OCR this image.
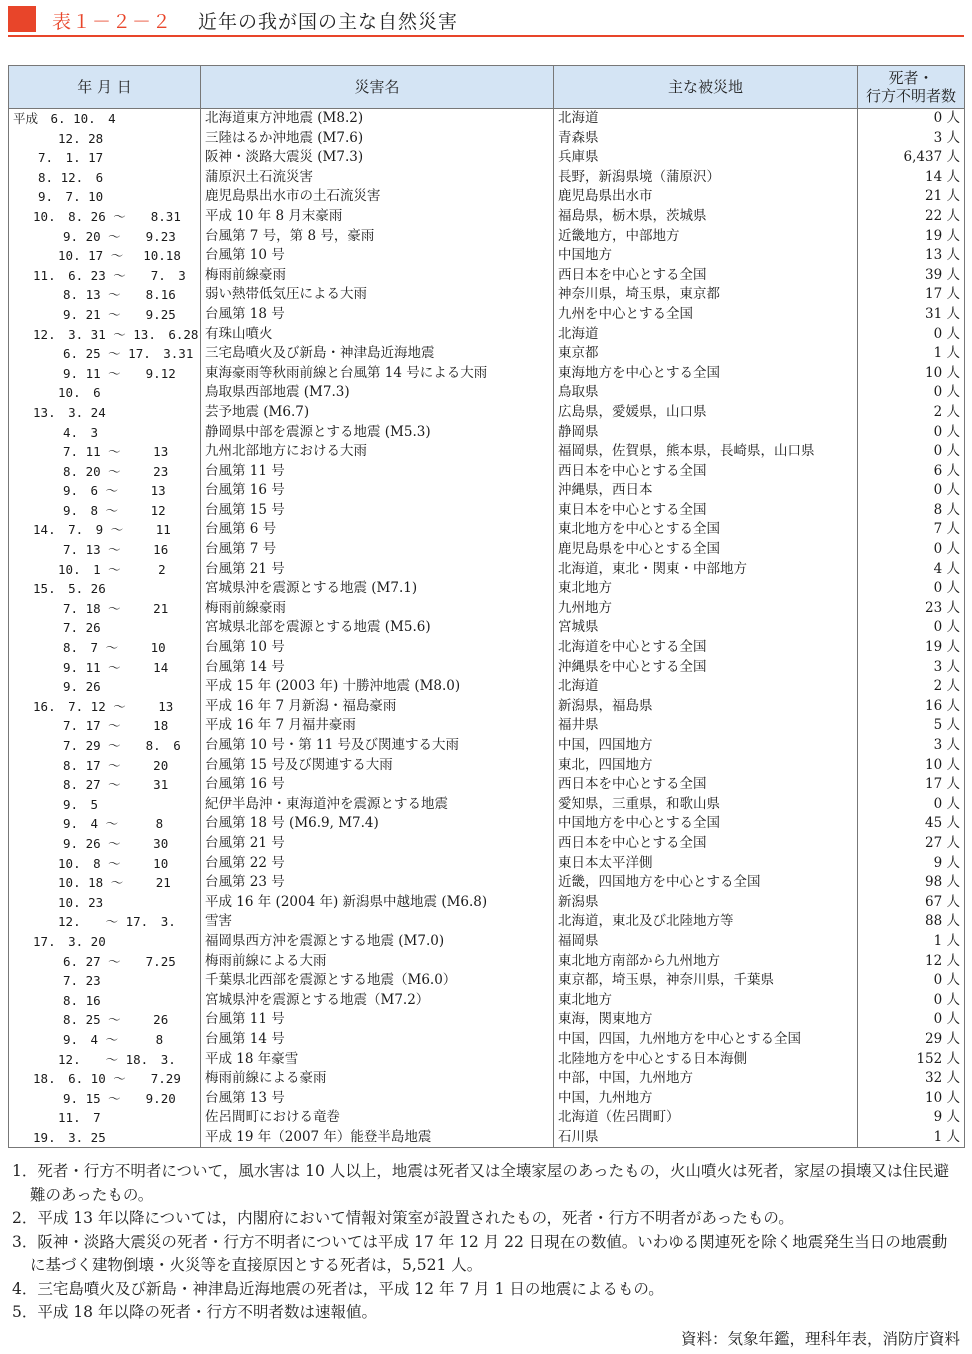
表１－２－２ 近年の我が国の主な自然災害
年 月 日	災害名	主な被災地	死者・
行方不明者数
平成　6. 10.　4	北海道東方沖地震 (M8.2)	北海道	0 人
　　　 12. 28	三陸はるか沖地震 (M7.6)	青森県	3 人
　　7.　1. 17	阪神・淡路大震災 (M7.3)	兵庫県	6,437 人
　　8. 12.　6	蒲原沢土石流災害	長野，新潟県境（蒲原沢）	14 人
　　9.　7. 10	鹿児島県出水市の土石流災害	鹿児島県出水市	21 人
　 10.　8. 26 ～　　8.31	平成 10 年 8 月末豪雨	福島県，栃木県，茨城県	22 人
　　　　9. 20 ～　　9.23	台風第 7 号，第 8 号，豪雨	近畿地方，中部地方	19 人
　　　 10. 17 ～　 10.18	台風第 10 号	中国地方	13 人
　 11.　6. 23 ～　　7.　3	梅雨前線豪雨	西日本を中心とする全国	39 人
　　　　8. 13 ～　　8.16	弱い熱帯低気圧による大雨	神奈川県，埼玉県，東京都	17 人
　　　　9. 21 ～　　9.25	台風第 18 号	九州を中心とする全国	31 人
　 12.　3. 31 ～ 13.　6.28	有珠山噴火	北海道	0 人
　　　　6. 25 ～ 17.　3.31	三宅島噴火及び新島・神津島近海地震	東京都	1 人
　　　　9. 11 ～　　9.12	東海豪雨等秋雨前線と台風第 14 号による大雨	東海地方を中心とする全国	10 人
　　　 10.　6	鳥取県西部地震 (M7.3)	鳥取県	0 人
　 13.　3. 24	芸予地震 (M6.7)	広島県，愛媛県，山口県	2 人
　　　　4.　3	静岡県中部を震源とする地震 (M5.3)	静岡県	0 人
　　　　7. 11 ～　　 13	九州北部地方における大雨	福岡県，佐賀県，熊本県，長崎県，山口県	0 人
　　　　8. 20 ～　　 23	台風第 11 号	西日本を中心とする全国	6 人
　　　　9.　6 ～　　 13	台風第 16 号	沖縄県，西日本	0 人
　　　　9.　8 ～　　 12	台風第 15 号	東日本を中心とする全国	8 人
　 14.　7.　9 ～　　 11	台風第 6 号	東北地方を中心とする全国	7 人
　　　　7. 13 ～　　 16	台風第 7 号	鹿児島県を中心とする全国	0 人
　　　 10.　1 ～　　　2	台風第 21 号	北海道，東北・関東・中部地方	4 人
　 15.　5. 26	宮城県沖を震源とする地震 (M7.1)	東北地方	0 人
　　　　7. 18 ～　　 21	梅雨前線豪雨	九州地方	23 人
　　　　7. 26	宮城県北部を震源とする地震 (M5.6)	宮城県	0 人
　　　　8.　7 ～　　 10	台風第 10 号	北海道を中心とする全国	19 人
　　　　9. 11 ～　　 14	台風第 14 号	沖縄県を中心とする全国	3 人
　　　　9. 26	平成 15 年 (2003 年) 十勝沖地震 (M8.0)	北海道	2 人
　 16.　7. 12 ～　　 13	平成 16 年 7 月新潟・福島豪雨	新潟県，福島県	16 人
　　　　7. 17 ～　　 18	平成 16 年 7 月福井豪雨	福井県	5 人
　　　　7. 29 ～　　8.　6	台風第 10 号・第 11 号及び関連する大雨	中国，四国地方	3 人
　　　　8. 17 ～　　 20	台風第 15 号及び関連する大雨	東北，四国地方	10 人
　　　　8. 27 ～　　 31	台風第 16 号	西日本を中心とする全国	17 人
　　　　9.　5	紀伊半島沖・東海道沖を震源とする地震	愛知県，三重県，和歌山県	0 人
　　　　9.　4 ～　　　8	台風第 18 号 (M6.9, M7.4)	中国地方を中心とする全国	45 人
　　　　9. 26 ～　　 30	台風第 21 号	西日本を中心とする全国	27 人
　　　 10.　8 ～　　 10	台風第 22 号	東日本太平洋側	9 人
　　　 10. 18 ～　　 21	台風第 23 号	近畿，四国地方を中心とする全国	98 人
　　　 10. 23	平成 16 年 (2004 年) 新潟県中越地震 (M6.8)	新潟県	67 人
　　　 12.　　～ 17.　3.	雪害	北海道，東北及び北陸地方等	88 人
　 17.　3. 20	福岡県西方沖を震源とする地震 (M7.0)	福岡県	1 人
　　　　6. 27 ～　　7.25	梅雨前線による大雨	東北地方南部から九州地方	12 人
　　　　7. 23	千葉県北西部を震源とする地震（M6.0）	東京都，埼玉県，神奈川県，千葉県	0 人
　　　　8. 16	宮城県沖を震源とする地震（M7.2）	東北地方	0 人
　　　　8. 25 ～　　 26	台風第 11 号	東海，関東地方	0 人
　　　　9.　4 ～　　　8	台風第 14 号	中国，四国，九州地方を中心とする全国	29 人
　　　 12.　　～ 18.　3.	平成 18 年豪雪	北陸地方を中心とする日本海側	152 人
　 18.　6. 10 ～　　7.29	梅雨前線による豪雨	中部，中国，九州地方	32 人
　　　　9. 15 ～　　9.20	台風第 13 号	中国，九州地方	10 人
　　　 11.　7	佐呂間町における竜巻	北海道（佐呂間町）	9 人
　 19.　3. 25	平成 19 年（2007 年）能登半島地震	石川県	1 人
1．死者・行方不明者について，風水害は 10 人以上，地震は死者又は全壊家屋のあったもの，火山噴火は死者，家屋の損壊又は住民避難のあったもの。
2．平成 13 年以降については，内閣府において情報対策室が設置されたもの，死者・行方不明者があったもの。
3．阪神・淡路大震災の死者・行方不明者については平成 17 年 12 月 22 日現在の数値。いわゆる関連死を除く地震発生当日の地震動に基づく建物倒壊・火災等を直接原因とする死者は，5,521 人。
4．三宅島噴火及び新島・神津島近海地震の死者は，平成 12 年 7 月 1 日の地震によるもの。
5．平成 18 年以降の死者・行方不明者数は速報値。
資料：気象年鑑，理科年表，消防庁資料
